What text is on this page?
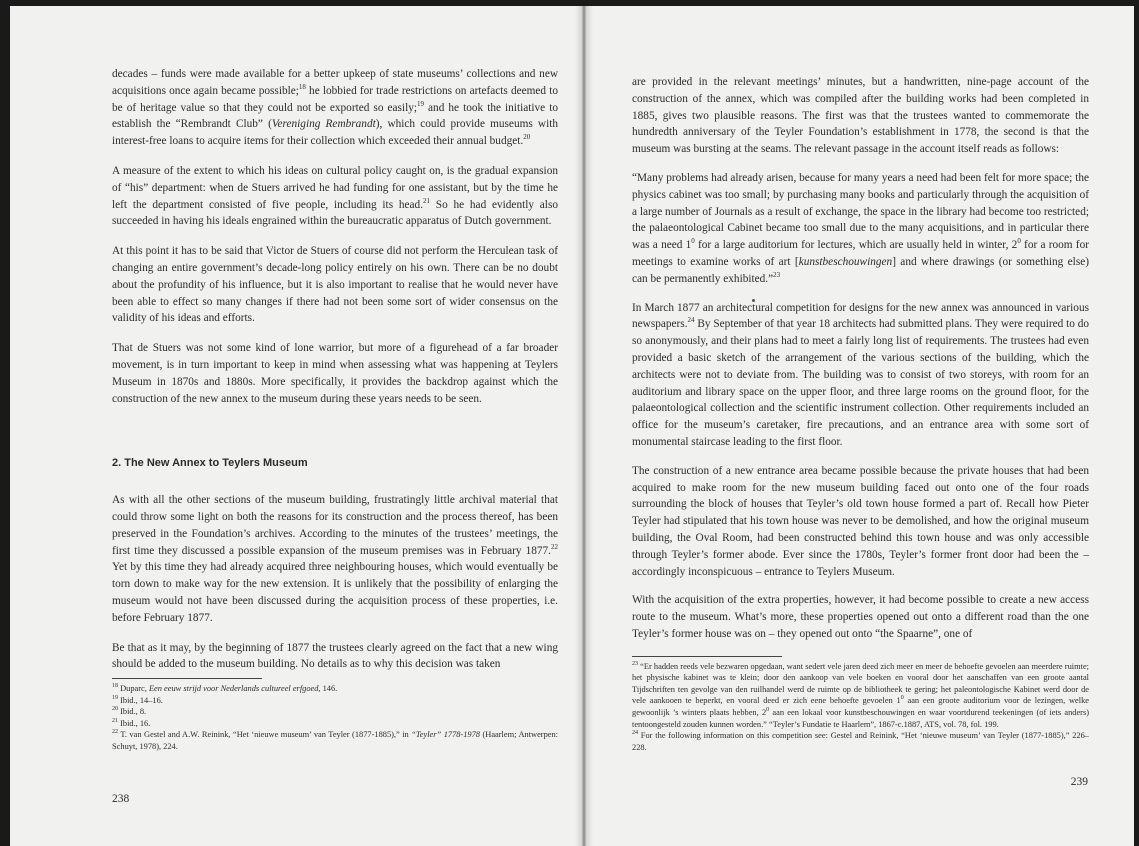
decades – funds were made available for a better upkeep of state museums’ collections and new acquisitions once again became possible;$^{18}$ he lobbied for trade restrictions on artefacts deemed to be of heritage value so that they could not be exported so easily;$^{19}$ and he took the initiative to establish the “Rembrandt Club” (Vereniging Rembrandt), which could provide museums with interest-free loans to acquire items for their collection which exceeded their annual budget.$^{20}$

A measure of the extent to which his ideas on cultural policy caught on, is the gradual expansion of “his” department: when de Stuers arrived he had funding for one assistant, but by the time he left the department consisted of five people, including its head.$^{21}$ So he had evidently also succeeded in having his ideals engrained within the bureaucratic apparatus of Dutch government.

At this point it has to be said that Victor de Stuers of course did not perform the Herculean task of changing an entire government’s decade-long policy entirely on his own. There can be no doubt about the profundity of his influence, but it is also important to realise that he would never have been able to effect so many changes if there had not been some sort of wider consensus on the validity of his ideas and efforts.

That de Stuers was not some kind of lone warrior, but more of a figurehead of a far broader movement, is in turn important to keep in mind when assessing what was happening at Teylers Museum in 1870s and 1880s. More specifically, it provides the backdrop against which the construction of the new annex to the museum during these years needs to be seen.

2. The New Annex to Teylers Museum

As with all the other sections of the museum building, frustratingly little archival material that could throw some light on both the reasons for its construction and the process thereof, has been preserved in the Foundation’s archives. According to the minutes of the trustees’ meetings, the first time they discussed a possible expansion of the museum premises was in February 1877.22 Yet by this time they had already acquired three neighbouring houses, which would eventually be torn down to make way for the new extension. It is unlikely that the possibility of enlarging the museum would not have been discussed during the acquisition process of these properties, i.e. before February 1877.

Be that as it may, by the beginning of 1877 the trustees clearly agreed on the fact that a new wing should be added to the museum building. No details as to why this decision was taken

$^{18}$ Duparc, Een eeuw strijd voor Nederlands cultureel erfgoed, 146.

$^{19}$ Ibid., 14–16.

$^{20}$ Ibid., 8.

$^{21}$ Ibid., 16.

$^{22}$ T. van Gestel and A.W. Reinink, “Het ‘nieuwe museum’ van Teyler (1877-1885),” in “Teyler” 1778-1978 (Haarlem; Antwerpen: Schuyt, 1978), 224.

238

are provided in the relevant meetings’ minutes, but a handwritten, nine-page account of the construction of the annex, which was compiled after the building works had been completed in 1885, gives two plausible reasons. The first was that the trustees wanted to commemorate the hundredth anniversary of the Teyler Foundation’s establishment in 1778, the second is that the museum was bursting at the seams. The relevant passage in the account itself reads as follows:

“Many problems had already arisen, because for many years a need had been felt for more space; the physics cabinet was too small; by purchasing many books and particularly through the acquisition of a large number of Journals as a result of exchange, the space in the library had become too restricted; the palaeontological Cabinet became too small due to the many acquisitions, and in particular there was a need $1^0$ for a large auditorium for lectures, which are usually held in winter, $2^0$ for a room for meetings to examine works of art [kunstbeschouwingen] and where drawings (or something else) can be permanently exhibited.”$^{23}$

In March 1877 an architectural competition for designs for the new annex was announced in various newspapers.$^{24}$ By September of that year 18 architects had submitted plans. They were required to do so anonymously, and their plans had to meet a fairly long list of requirements. The trustees had even provided a basic sketch of the arrangement of the various sections of the building, which the architects were not to deviate from. The building was to consist of two storeys, with room for an auditorium and library space on the upper floor, and three large rooms on the ground floor, for the palaeontological collection and the scientific instrument collection. Other requirements included an office for the museum’s caretaker, fire precautions, and an entrance area with some sort of monumental staircase leading to the first floor.

The construction of a new entrance area became possible because the private houses that had been acquired to make room for the new museum building faced out onto one of the four roads surrounding the block of houses that Teyler’s old town house formed a part of. Recall how Pieter Teyler had stipulated that his town house was never to be demolished, and how the original museum building, the Oval Room, had been constructed behind this town house and was only accessible through Teyler’s former abode. Ever since the 1780s, Teyler’s former front door had been the – accordingly inconspicuous – entrance to Teylers Museum.

With the acquisition of the extra properties, however, it had become possible to create a new access route to the museum. What’s more, these properties opened out onto a different road than the one Teyler’s former house was on – they opened out onto “the Spaarne”, one of

$^{23}$ “Er hadden reeds vele bezwaren opgedaan, want sedert vele jaren deed zich meer en meer de behoefte gevoelen aan meerdere ruimte; het physische kabinet was te klein; door den aankoop van vele boeken en vooral door het aanschaffen van een groote aantal Tijdschriften ten gevolge van den ruilhandel werd de ruimte op de bibliotheek te gering; het paleontologische Kabinet werd door de vele aankooen te beperkt, en vooral deed er zich eene behoefte gevoelen $1^0$ aan een groote auditorium voor de lezingen, welke gewoonlijk ’s winters plaats hebben, $2^0$ aan een lokaal voor kunstbeschouwingen en waar voortdurend teekeningen (of iets anders) tentoongesteld zouden kunnen worden.” “Teyler’s Fundatie te Haarlem”, 1867-c.1887, ATS, vol. 78, fol. 199.

$^{24}$ For the following information on this competition see: Gestel and Reinink, “Het ‘nieuwe museum’ van Teyler (1877-1885),” 226–228.

239
